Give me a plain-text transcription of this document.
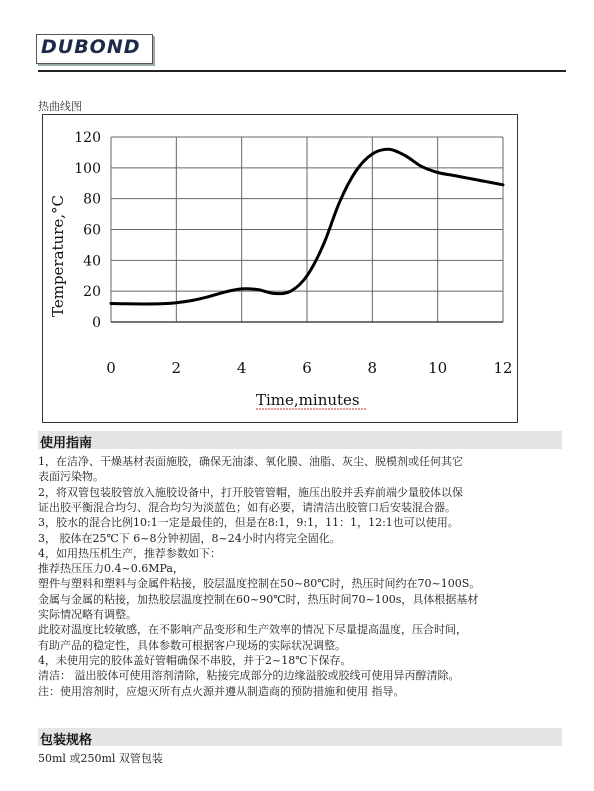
DUBOND
热曲线图
0
20
40
60
80
100
120
0	2	4	6	8	10	12
Time,minutes
Temperature,°C
使用指南
1，在洁净、干燥基材表面施胶，确保无油漆、氧化膜、油脂、灰尘、脱模剂或任何其它
表面污染物。
2，将双管包装胶管放入施胶设备中，打开胶管管帽，施压出胶并丢弃前端少量胶体以保
证出胶平衡混合均匀、混合均匀为淡蓝色；如有必要，请清洁出胶管口后安装混合器。
3，胶水的混合比例10:1一定是最佳的，但是在8:1，9:1，11：1，12:1也可以使用。
3， 胶体在25℃下 6~8分钟初固，8~24小时内将完全固化。
4，如用热压机生产，推荐参数如下：
推荐热压压力0.4~0.6MPa，
塑件与塑料和塑料与金属件粘接，胶层温度控制在50~80℃时，热压时间约在70~100S。
金属与金属的粘接，加热胶层温度控制在60~90℃时，热压时间70~100s，具体根据基材
实际情况略有调整。
此胶对温度比较敏感，在不影响产品变形和生产效率的情况下尽量提高温度，压合时间，
有助产品的稳定性，具体参数可根据客户现场的实际状况调整。
4，未使用完的胶体盖好管帽确保不串胶，并于2~18℃下保存。
清洁： 溢出胶体可使用溶剂清除，粘接完成部分的边缘溢胶或胶线可使用异丙醇清除。
注：使用溶剂时，应熄灭所有点火源并遵从制造商的预防措施和使用 指导。
包装规格
50ml 或250ml 双管包装
